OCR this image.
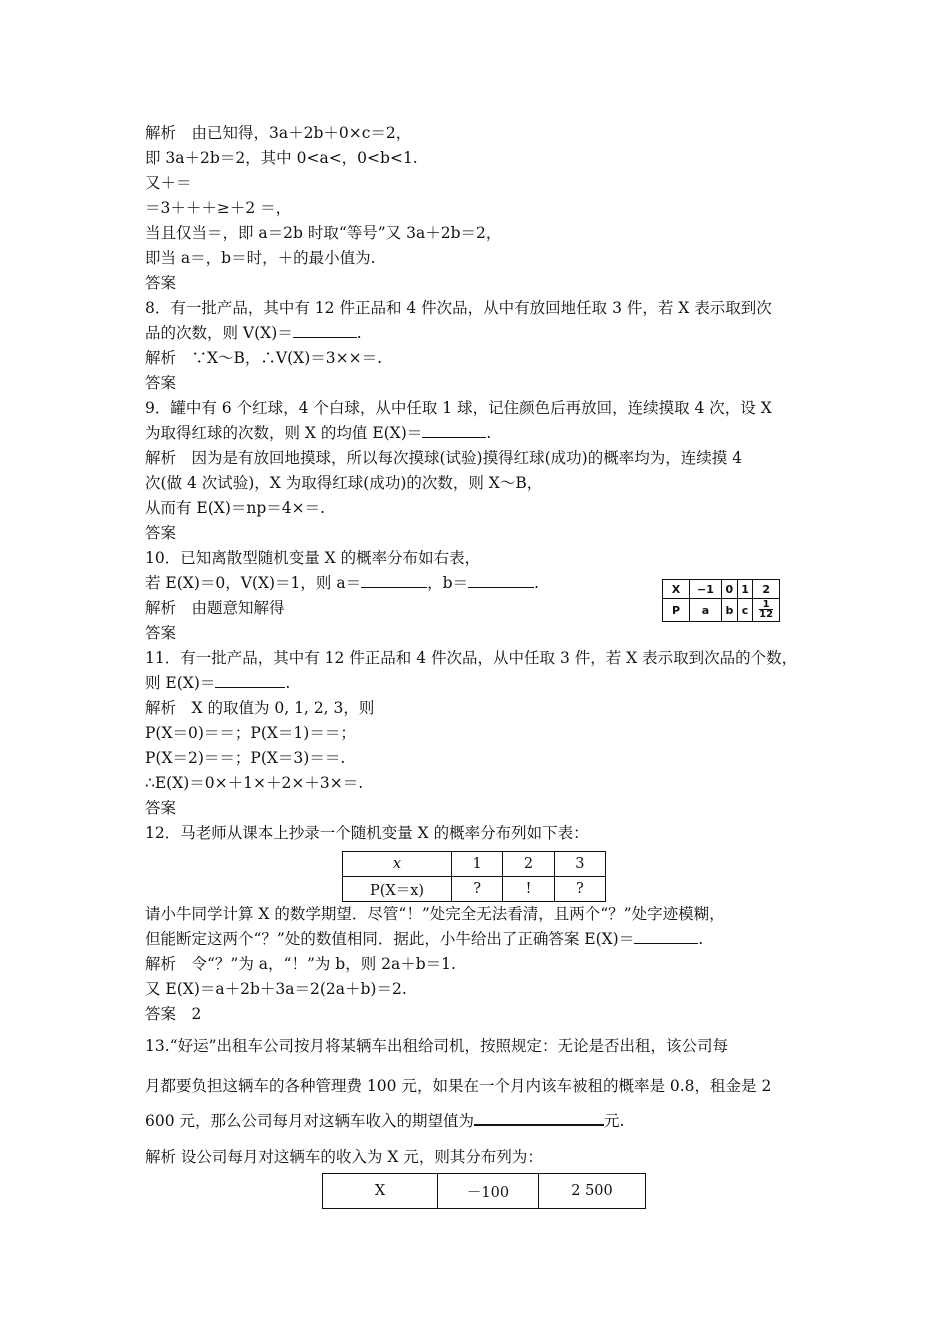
解析　由已知得，3a＋2b＋0×c＝2，
即 3a＋2b＝2，其中 0<a<，0<b<1.
又＋＝
＝3＋＋＋≥＋2 ＝，
当且仅当＝，即 a＝2b 时取“等号”又 3a＋2b＝2，
即当 a＝，b＝时，＋的最小值为.
答案
8．有一批产品，其中有 12 件正品和 4 件次品，从中有放回地任取 3 件，若 X 表示取到次
解析　∵X～B，∴V(X)＝3××＝.
答案
9．罐中有 6 个红球，4 个白球，从中任取 1 球，记住颜色后再放回，连续摸取 4 次，设 X
解析　因为是有放回地摸球，所以每次摸球(试验)摸得红球(成功)的概率均为，连续摸 4
次(做 4 次试验)，X 为取得红球(成功)的次数，则 X～B，
从而有 E(X)＝np＝4×＝.
答案
10．已知离散型随机变量 X 的概率分布如右表，
解析　由题意知解得
答案
11．有一批产品，其中有 12 件正品和 4 件次品，从中任取 3 件，若 X 表示取到次品的个数，
解析　X 的取值为 0, 1, 2, 3，则
P(X＝0)＝＝；P(X＝1)＝＝；
P(X＝2)＝＝；P(X＝3)＝＝.
∴E(X)＝0×＋1×＋2×＋3×＝.
答案
12．马老师从课本上抄录一个随机变量 X 的概率分布列如下表：
请小牛同学计算 X 的数学期望．尽管“！”处完全无法看清，且两个“？”处字迹模糊，
解析　令“？”为 a，“！”为 b，则 2a＋b＝1.
又 E(X)＝a＋2b＋3a＝2(2a＋b)＝2.
答案　2
13.“好运”出租车公司按月将某辆车出租给司机，按照规定：无论是否出租，该公司每
月都要负担这辆车的各种管理费 100 元，如果在一个月内该车被租的概率是 0.8，租金是 2
解析 设公司每月对这辆车的收入为 X 元，则其分布列为：
品的次数，则 V(X)＝	.
为取得红球的次数，则 X 的均值 E(X)＝	.
若 E(X)＝0，V(X)＝1，则 a＝	，b＝	.
则 E(X)＝	.
但能断定这两个“？”处的数值相同．据此，小牛给出了正确答案 E(X)＝	.
600 元，那么公司每月对这辆车收入的期望值为	元.
X	−1	0	1	2
P	a	b	c	$\frac{1}{12}$
x	1	2	3
P(X＝x)	?	!	?
X	－100	2 500
